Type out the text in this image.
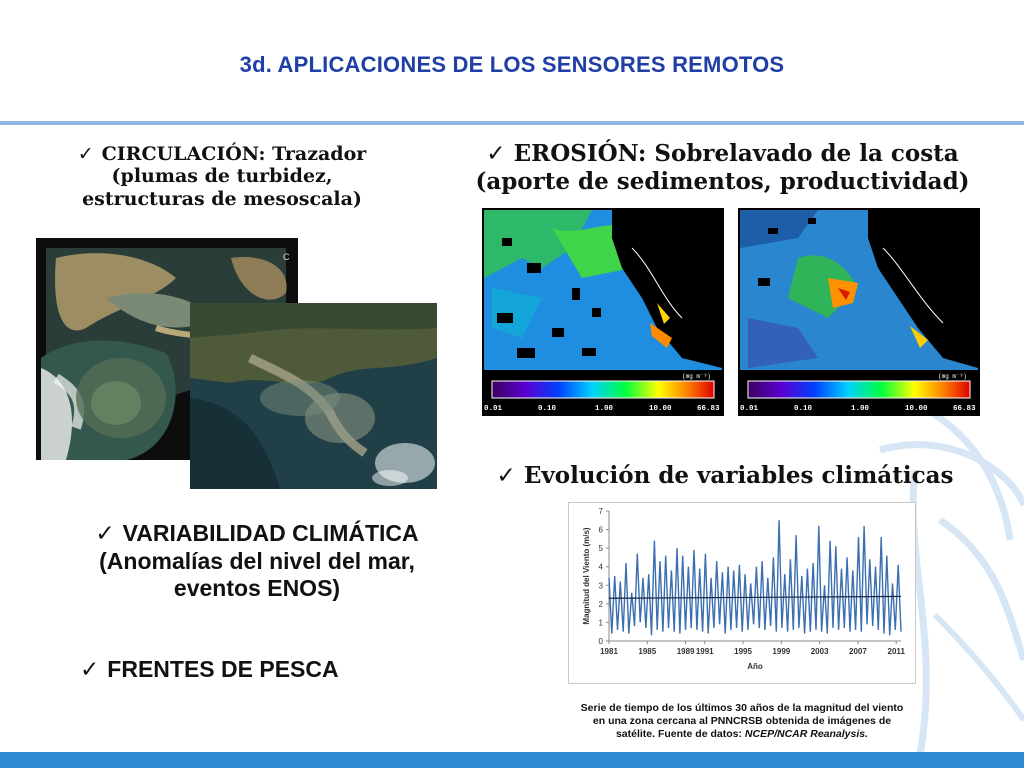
3d. APLICACIONES DE LOS SENSORES REMOTOS
✓ CIRCULACIÓN: Trazador
(plumas de turbidez,
estructuras de mesoscala)
✓ EROSIÓN: Sobrelavado de la costa
(aporte de sedimentos, productividad)
C
(mg m⁻³)
0.01	0.10	1.00	10.00	66.83
(mg m⁻³)
0.01	0.10	1.00	10.00	66.83
✓ Evolución de variables climáticas
0
1
2
3
4
5
6
7
1981	1985	1989 1991	1995	1999	2003	2007	2011
Año
Magnitud del Viento (m/s)
Serie de tiempo de los últimos 30 años de la magnitud del viento
en una zona cercana al PNNCRSB obtenida de imágenes de
satélite. Fuente de datos: NCEP/NCAR Reanalysis.
✓ VARIABILIDAD CLIMÁTICA
(Anomalías del nivel del mar,
eventos ENOS)
✓ FRENTES DE PESCA
